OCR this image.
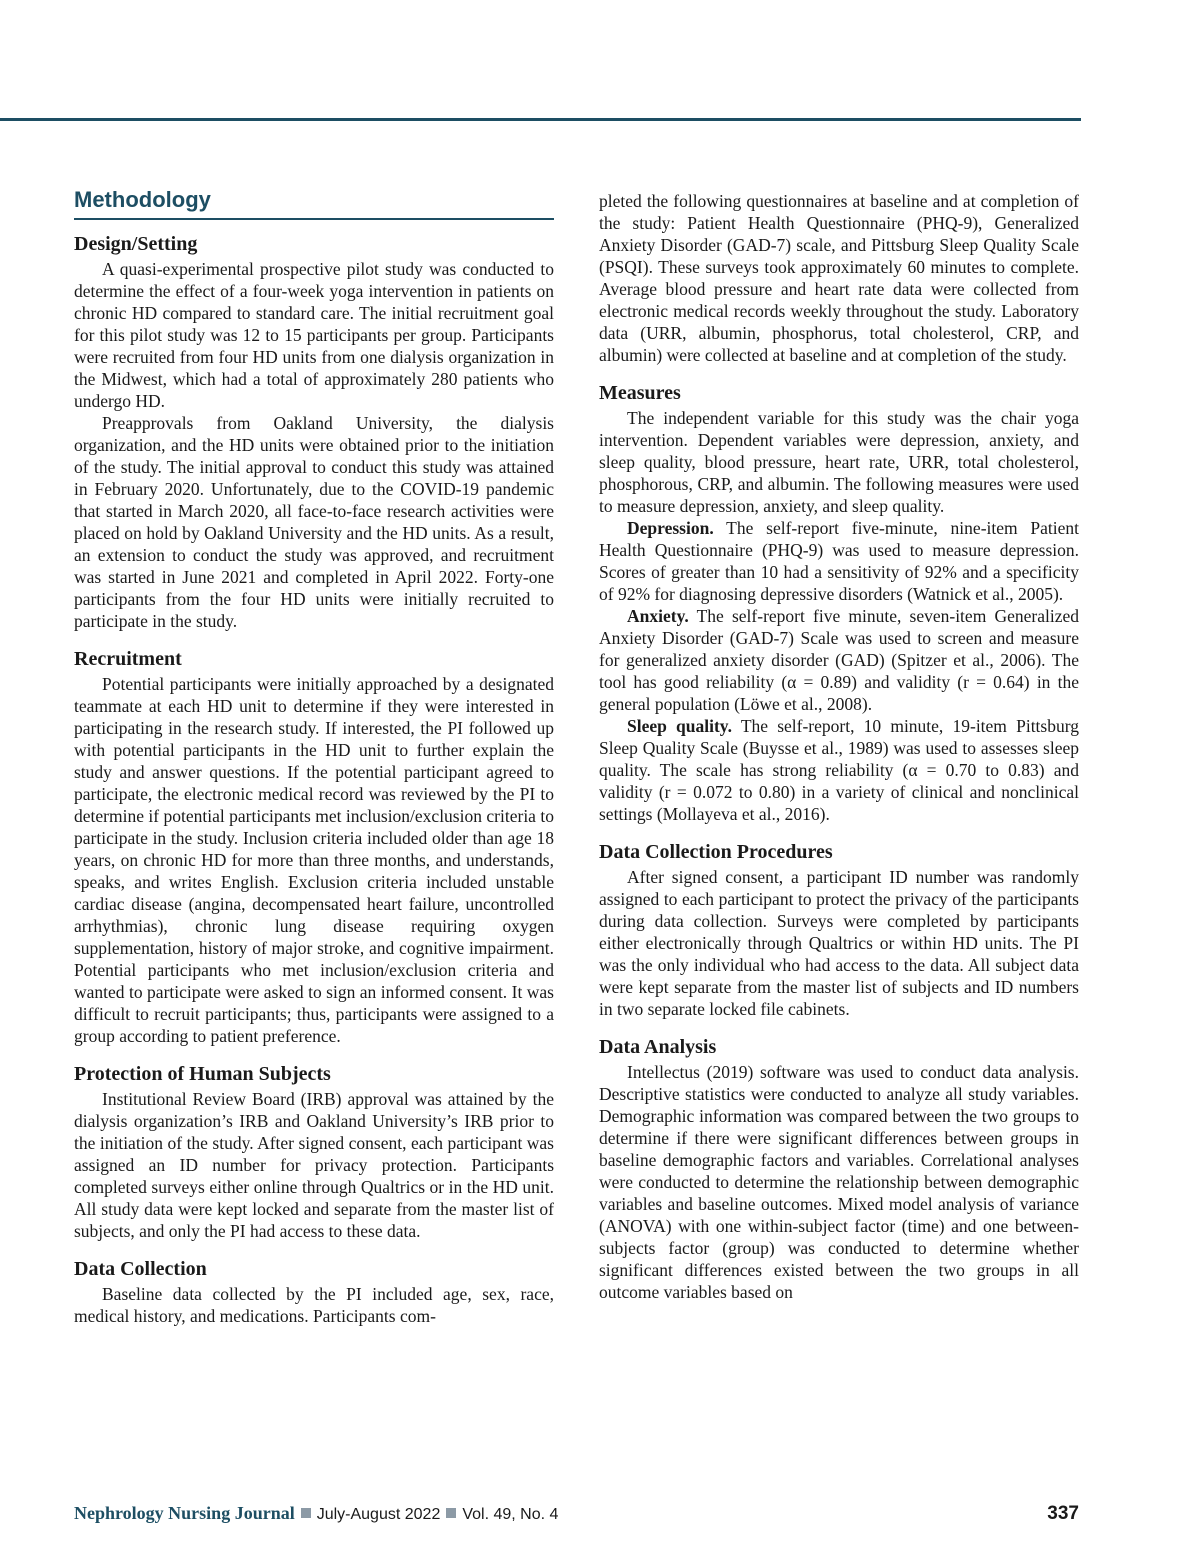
Methodology
Design/Setting

A quasi-experimental prospective pilot study was conducted to determine the effect of a four-week yoga intervention in patients on chronic HD compared to standard care. The initial recruitment goal for this pilot study was 12 to 15 participants per group. Participants were recruited from four HD units from one dialysis organization in the Midwest, which had a total of approximately 280 patients who undergo HD.

Preapprovals from Oakland University, the dialysis organization, and the HD units were obtained prior to the initiation of the study. The initial approval to conduct this study was attained in February 2020. Unfortunately, due to the COVID-19 pandemic that started in March 2020, all face-to-face research activities were placed on hold by Oakland University and the HD units. As a result, an extension to conduct the study was approved, and recruitment was started in June 2021 and completed in April 2022. Forty-one participants from the four HD units were initially recruited to participate in the study.

Recruitment

Potential participants were initially approached by a designated teammate at each HD unit to determine if they were interested in participating in the research study. If interested, the PI followed up with potential participants in the HD unit to further explain the study and answer questions. If the potential participant agreed to participate, the electronic medical record was reviewed by the PI to determine if potential participants met inclusion/exclusion criteria to participate in the study. Inclusion criteria included older than age 18 years, on chronic HD for more than three months, and understands, speaks, and writes English. Exclusion criteria included unstable cardiac disease (angina, decompensated heart failure, uncontrolled arrhythmias), chronic lung disease requiring oxygen supplementation, history of major stroke, and cognitive impairment. Potential participants who met inclusion/exclusion criteria and wanted to participate were asked to sign an informed consent. It was difficult to recruit participants; thus, participants were assigned to a group according to patient preference.

Protection of Human Subjects

Institutional Review Board (IRB) approval was attained by the dialysis organization’s IRB and Oakland University’s IRB prior to the initiation of the study. After signed consent, each participant was assigned an ID number for privacy protection. Participants completed surveys either online through Qualtrics or in the HD unit. All study data were kept locked and separate from the master list of subjects, and only the PI had access to these data.

Data Collection

Baseline data collected by the PI included age, sex, race, medical history, and medications. Participants com-

pleted the following questionnaires at baseline and at completion of the study: Patient Health Questionnaire (PHQ-9), Generalized Anxiety Disorder (GAD-7) scale, and Pittsburg Sleep Quality Scale (PSQI). These surveys took approximately 60 minutes to complete. Average blood pressure and heart rate data were collected from electronic medical records weekly throughout the study. Laboratory data (URR, albumin, phosphorus, total cholesterol, CRP, and albumin) were collected at baseline and at completion of the study.

Measures

The independent variable for this study was the chair yoga intervention. Dependent variables were depression, anxiety, and sleep quality, blood pressure, heart rate, URR, total cholesterol, phosphorous, CRP, and albumin. The following measures were used to measure depression, anxiety, and sleep quality.

Depression. The self-report five-minute, nine-item Patient Health Questionnaire (PHQ-9) was used to measure depression. Scores of greater than 10 had a sensitivity of 92% and a specificity of 92% for diagnosing depressive disorders (Watnick et al., 2005).

Anxiety. The self-report five minute, seven-item Generalized Anxiety Disorder (GAD-7) Scale was used to screen and measure for generalized anxiety disorder (GAD) (Spitzer et al., 2006). The tool has good reliability (α = 0.89) and validity (r = 0.64) in the general population (Löwe et al., 2008).

Sleep quality. The self-report, 10 minute, 19-item Pittsburg Sleep Quality Scale (Buysse et al., 1989) was used to assesses sleep quality. The scale has strong reliability (α = 0.70 to 0.83) and validity (r = 0.072 to 0.80) in a variety of clinical and nonclinical settings (Mollayeva et al., 2016).

Data Collection Procedures

After signed consent, a participant ID number was randomly assigned to each participant to protect the privacy of the participants during data collection. Surveys were completed by participants either electronically through Qualtrics or within HD units. The PI was the only individual who had access to the data. All subject data were kept separate from the master list of subjects and ID numbers in two separate locked file cabinets.

Data Analysis

Intellectus (2019) software was used to conduct data analysis. Descriptive statistics were conducted to analyze all study variables. Demographic information was compared between the two groups to determine if there were significant differences between groups in baseline demographic factors and variables. Correlational analyses were conducted to determine the relationship between demographic variables and baseline outcomes. Mixed model analysis of variance (ANOVA) with one within-subject factor (time) and one between-subjects factor (group) was conducted to determine whether significant differences existed between the two groups in all outcome variables based on

Nephrology Nursing Journal July-August 2022 Vol. 49, No. 4	337
